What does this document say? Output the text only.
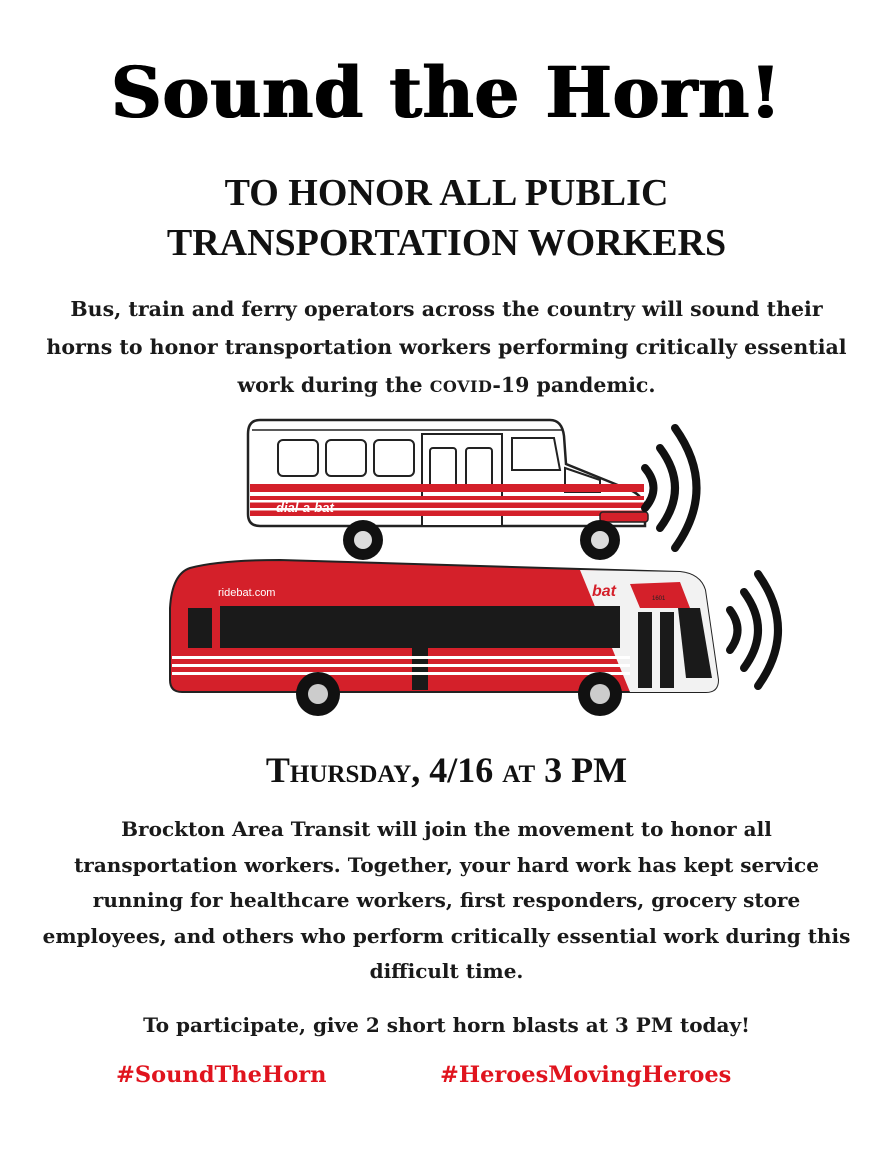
Sound the Horn!
TO HONOR ALL PUBLIC
TRANSPORTATION WORKERS
Bus, train and ferry operators across the country will sound their horns to honor transportation workers performing critically essential work during the COVID-19 pandemic.
dial-a-bat
ridebat.com	bat	1601
Thursday, 4/16 at 3 PM
Brockton Area Transit will join the movement to honor all transportation workers. Together, your hard work has kept service running for healthcare workers, first responders, grocery store employees, and others who perform critically essential work during this difficult time.
To participate, give 2 short horn blasts at 3 PM today!
#SoundTheHorn	#HeroesMovingHeroes
